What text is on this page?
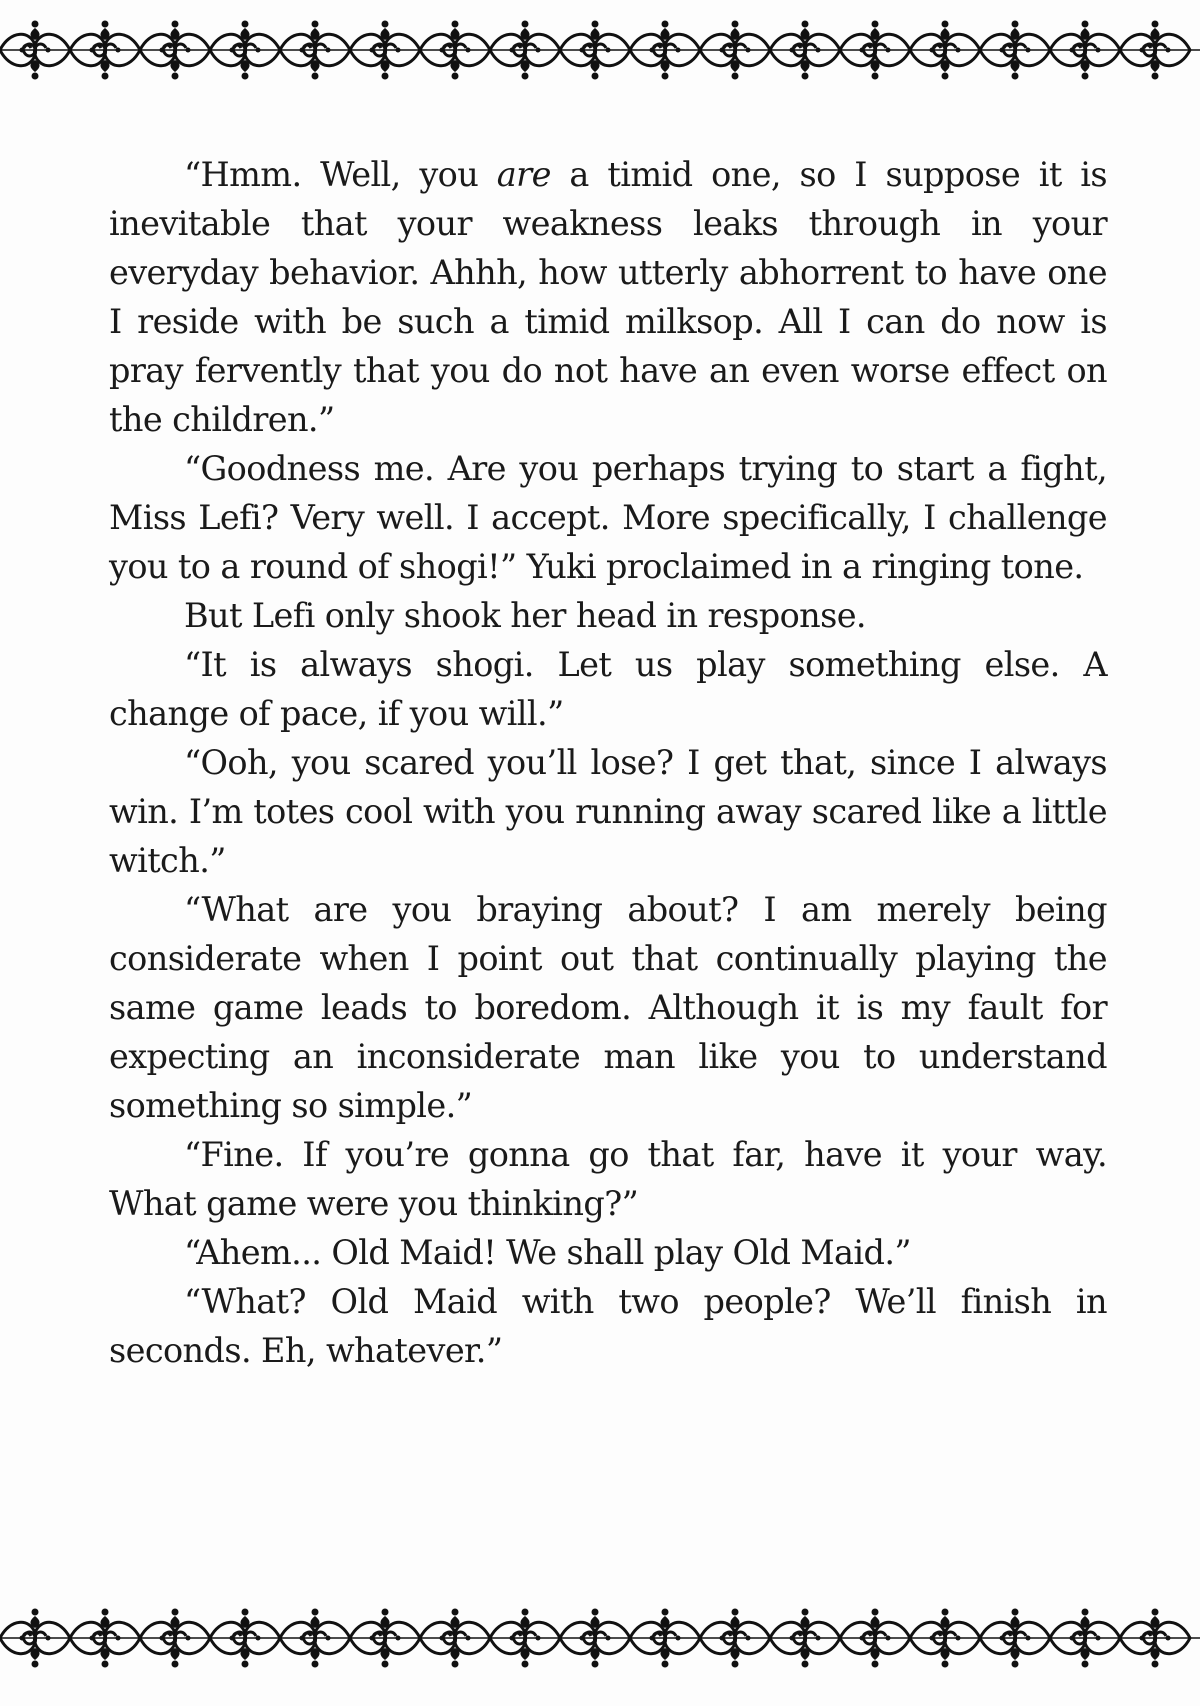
“Hmm. Well, you are a timid one, so I suppose it is inevitable that your weakness leaks through in your everyday behavior. Ahhh, how utterly abhorrent to have one I reside with be such a timid milksop. All I can do now is pray fervently that you do not have an even worse effect on the children.”

“Goodness me. Are you perhaps trying to start a fight, Miss Lefi? Very well. I accept. More specifically, I challenge you to a round of shogi!” Yuki proclaimed in a ringing tone.

But Lefi only shook her head in response.

“It is always shogi. Let us play something else. A change of pace, if you will.”

“Ooh, you scared you’ll lose? I get that, since I always win. I’m totes cool with you running away scared like a little witch.”

“What are you braying about? I am merely being considerate when I point out that continually playing the same game leads to boredom. Although it is my fault for expecting an inconsiderate man like you to understand something so simple.”

“Fine. If you’re gonna go that far, have it your way. What game were you thinking?”

“Ahem... Old Maid! We shall play Old Maid.”

“What? Old Maid with two people? We’ll finish in seconds. Eh, whatever.”
